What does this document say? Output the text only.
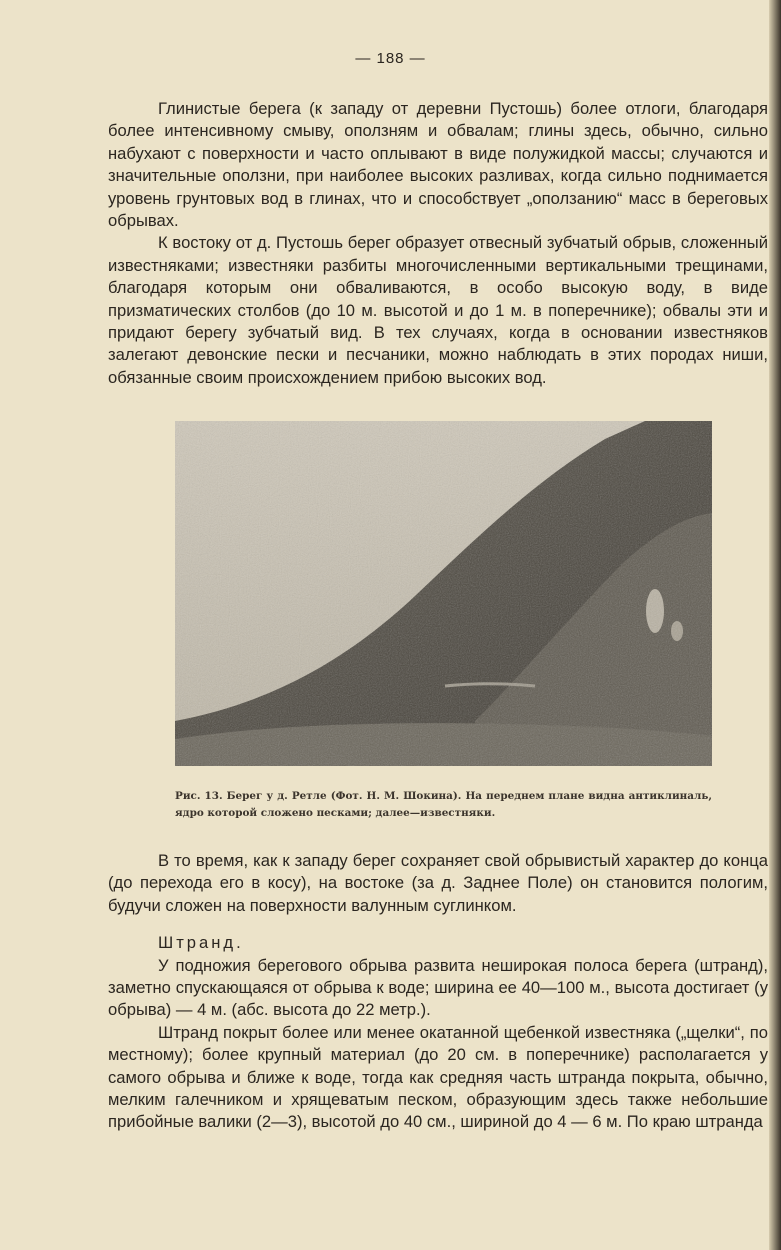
— 188 —

Глинистые берега (к западу от деревни Пустошь) более отлоги, благодаря более интенсивному смыву, оползням и обвалам; глины здесь, обычно, сильно набухают с поверхности и часто оплывают в виде полужидкой массы; случаются и значительные оползни, при наиболее высоких разливах, когда сильно поднимается уровень грунтовых вод в глинах, что и способствует „оползанию“ масс в береговых обрывах.

К востоку от д. Пустошь берег образует отвесный зубчатый обрыв, сложенный известняками; известняки разбиты многочисленными вертикальными трещинами, благодаря которым они обваливаются, в особо высокую воду, в виде призматических столбов (до 10 м. высотой и до 1 м. в поперечнике); обвалы эти и придают берегу зубчатый вид. В тех случаях, когда в основании известняков залегают девонские пески и песчаники, можно наблюдать в этих породах ниши, обязанные своим происхождением прибою высоких вод.

Рис. 13. Берег у д. Ретле (Фот. Н. М. Шокина). На переднем плане видна антиклиналь, ядро которой сложено песками; далее—известняки.

В то время, как к западу берег сохраняет свой обрывистый характер до конца (до перехода его в косу), на востоке (за д. Заднее Поле) он становится пологим, будучи сложен на поверхности валунным суглинком.

Штранд.

У подножия берегового обрыва развита неширокая полоса берега (штранд), заметно спускающаяся от обрыва к воде; ширина ее 40—100 м., высота достигает (у обрыва) — 4 м. (абс. высота до 22 метр.).

Штранд покрыт более или менее окатанной щебенкой известняка („щелки“, по местному); более крупный материал (до 20 см. в поперечнике) располагается у самого обрыва и ближе к воде, тогда как средняя часть штранда покрыта, обычно, мелким галечником и хрящеватым песком, образующим здесь также небольшие прибойные валики (2—3), высотой до 40 см., шириной до 4 — 6 м. По краю штранда
